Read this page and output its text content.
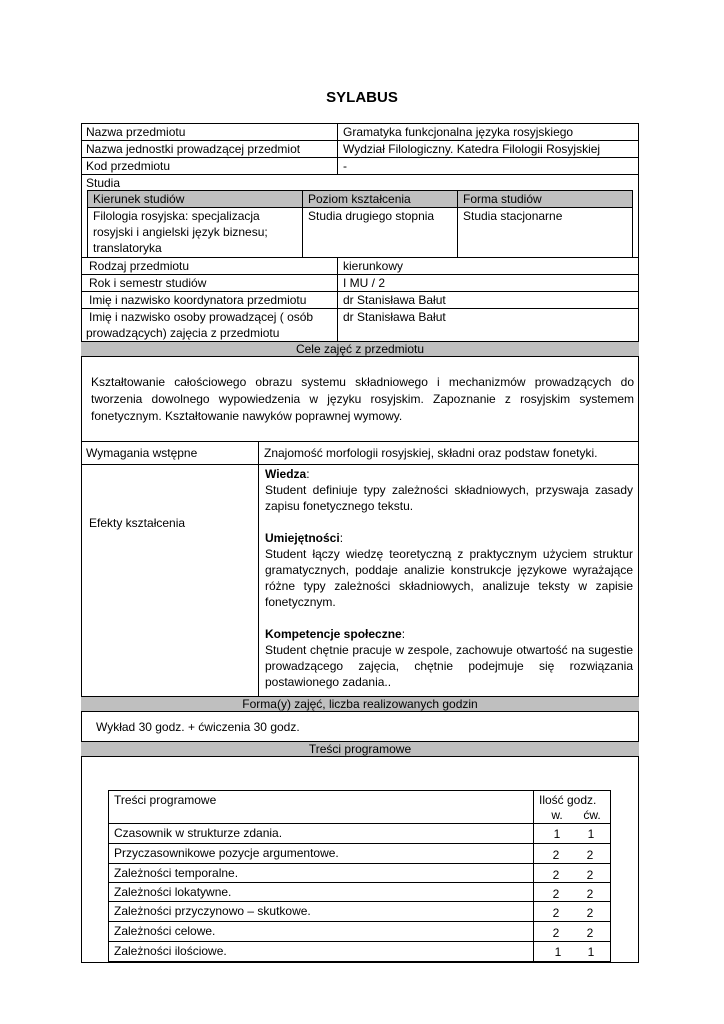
SYLABUS
Nazwa przedmiotu	Gramatyka funkcjonalna języka rosyjskiego
Nazwa jednostki prowadzącej przedmiot	Wydział Filologiczny. Katedra Filologii Rosyjskiej
Kod przedmiotu	-
Studia
Kierunek studiów	Poziom kształcenia	Forma studiów
Filologia rosyjska: specjalizacja
rosyjski i angielski język biznesu;
translatoryka
Studia drugiego stopnia	Studia stacjonarne
Rodzaj przedmiotu	kierunkowy
Rok i semestr studiów	I MU / 2
Imię i nazwisko koordynatora przedmiotu	dr Stanisława Bałut
Imię i nazwisko osoby prowadzącej ( osób
prowadzących) zajęcia z przedmiotu
dr Stanisława Bałut
Cele zajęć z przedmiotu
Kształtowanie całościowego obrazu systemu składniowego i mechanizmów prowadzących do tworzenia dowolnego wypowiedzenia w języku rosyjskim. Zapoznanie z rosyjskim systemem fonetycznym. Kształtowanie nawyków poprawnej wymowy.
Wymagania wstępne	Znajomość morfologii rosyjskiej, składni oraz podstaw fonetyki.
Efekty kształcenia
Wiedza:
Student definiuje typy zależności składniowych, przyswaja zasady zapisu fonetycznego tekstu.
Umiejętności:
Student łączy wiedzę teoretyczną z praktycznym użyciem struktur gramatycznych, poddaje analizie konstrukcje językowe wyrażające różne typy zależności składniowych, analizuje teksty w zapisie fonetycznym.
Kompetencje społeczne:
Student chętnie pracuje w zespole, zachowuje otwartość na sugestie prowadzącego zajęcia, chętnie podejmuje się rozwiązania postawionego zadania..
Forma(y) zajęć, liczba realizowanych godzin
Wykład 30 godz. + ćwiczenia 30 godz.
Treści programowe
Treści programowe	Ilość godz.
w.	ćw.
Czasownik w strukturze zdania.	1	1
Przyczasownikowe pozycje argumentowe.	2	2
Zależności temporalne.	2	2
Zależności lokatywne.	2	2
Zależności przyczynowo – skutkowe.	2	2
Zależności celowe.	2	2
Zależności ilościowe.	1	1
